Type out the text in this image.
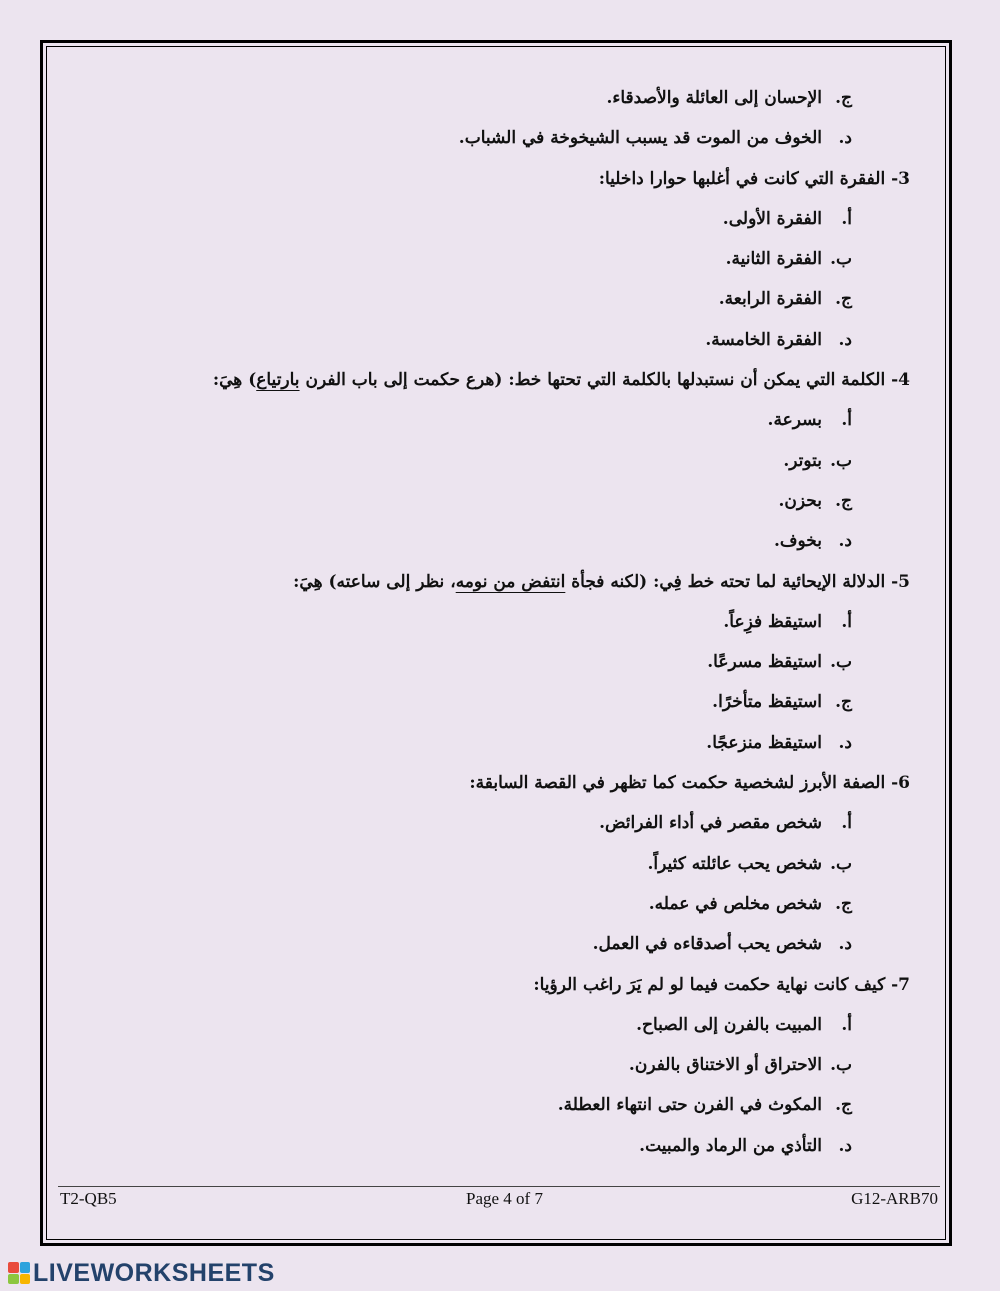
ج.الإحسان إلى العائلة والأصدقاء.
د.الخوف من الموت قد يسبب الشيخوخة في الشباب.
3- الفقرة التي كانت في أغلبها حوارا داخليا:
أ.الفقرة الأولى.
ب.الفقرة الثانية.
ج.الفقرة الرابعة.
د.الفقرة الخامسة.
4- الكلمة التي يمكن أن نستبدلها بالكلمة التي تحتها خط: (هرع حكمت إلى باب الفرن بارتياع) هِيَ:
أ.بسرعة.
ب.بتوتر.
ج.بحزن.
د.بخوف.
5- الدلالة الإيحائية لما تحته خط فِي: (لكنه فجأة انتفض من نومه، نظر إلى ساعته) هِيَ:
أ.استيقظ فزِعاً.
ب.استيقظ مسرعًا.
ج.استيقظ متأخرًا.
د.استيقظ منزعجًا.
6- الصفة الأبرز لشخصية حكمت كما تظهر في القصة السابقة:
أ.شخص مقصر في أداء الفرائض.
ب.شخص يحب عائلته كثيراً.
ج.شخص مخلص في عمله.
د.شخص يحب أصدقاءه في العمل.
7- كيف كانت نهاية حكمت فيما لو لم يَرَ راغب الرؤيا:
أ.المبيت بالفرن إلى الصباح.
ب.الاحتراق أو الاختناق بالفرن.
ج.المكوث في الفرن حتى انتهاء العطلة.
د.التأذي من الرماد والمبيت.
T2-QB5	Page 4 of 7	G12-ARB70
LIVEWORKSHEETS
